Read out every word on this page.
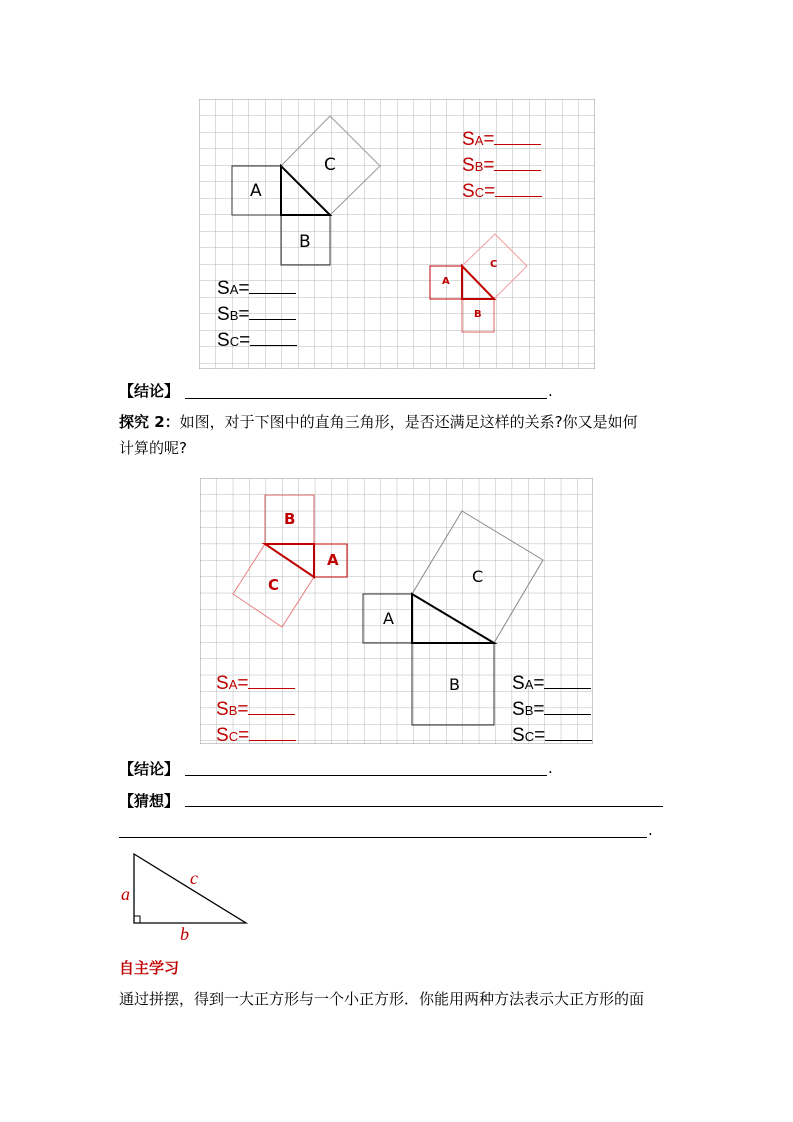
A
C
B
A
C
B
SA=
SB=
SC=
SA=
SB=
SC=
【结论】	.
探究 2：如图，对于下图中的直角三角形，是否还满足这样的关系?你又是如何
计算的呢?
B
A
C	C
A
B
SA=
SB=
SC=
SA=
SB=
SC=
【结论】	.
【猜想】
.
a
c
b
自主学习
通过拼摆，得到一大正方形与一个小正方形．你能用两种方法表示大正方形的面
